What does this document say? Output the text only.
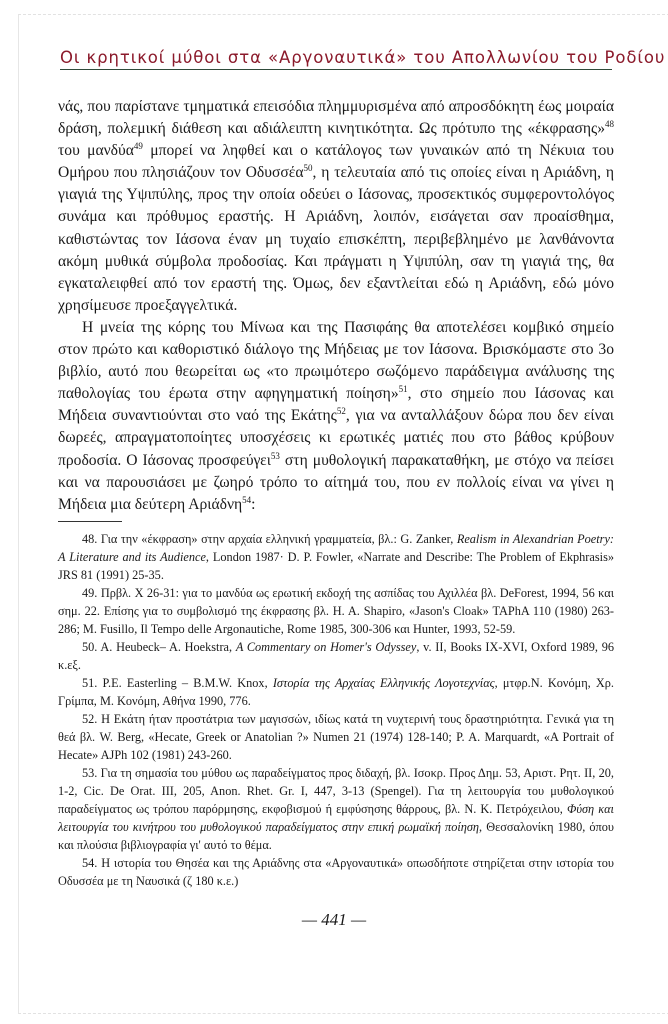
Οι κρητικοί μύθοι στα «Αργοναυτικά» του Απολλωνίου του Ροδίου

νάς, που παρίστανε τμηματικά επεισόδια πλημμυρισμένα από απροσδόκητη έως μοιραία δράση, πολεμική διάθεση και αδιάλειπτη κινητικότητα. Ως πρότυπο της «έκφρασης»$^{48}$ του μανδύα$^{49}$ μπορεί να ληφθεί και ο κατάλογος των γυναικών από τη Νέκυια του Ομήρου που πλησιάζουν τον Οδυσσέα$^{50}$, η τελευταία από τις οποίες είναι η Αριάδνη, η γιαγιά της Υψιπύλης, προς την οποία οδεύει ο Ιάσονας, προσεκτικός συμφεροντολόγος συνάμα και πρόθυμος εραστής. Η Αριάδνη, λοιπόν, εισάγεται σαν προαίσθημα, καθιστώντας τον Ιάσονα έναν μη τυχαίο επισκέπτη, περιβεβλημένο με λανθάνοντα ακόμη μυθικά σύμβολα προδοσίας. Και πράγματι η Υψιπύλη, σαν τη γιαγιά της, θα εγκαταλειφθεί από τον εραστή της. Όμως, δεν εξαντλείται εδώ η Αριάδνη, εδώ μόνο χρησίμευσε προεξαγγελτικά.

Η μνεία της κόρης του Μίνωα και της Πασιφάης θα αποτελέσει κομβικό σημείο στον πρώτο και καθοριστικό διάλογο της Μήδειας με τον Ιάσονα. Βρισκόμαστε στο 3ο βιβλίο, αυτό που θεωρείται ως «το πρωιμότερο σωζόμενο παράδειγμα ανάλυσης της παθολογίας του έρωτα στην αφηγηματική ποίηση»$^{51}$, στο σημείο που Ιάσονας και Μήδεια συναντιούνται στο ναό της Εκάτης$^{52}$, για να ανταλλάξουν δώρα που δεν είναι δωρεές, απραγματοποίητες υποσχέσεις κι ερωτικές ματιές που στο βάθος κρύβουν προδοσία. Ο Ιάσονας προσφεύγει$^{53}$ στη μυθολογική παρακαταθήκη, με στόχο να πείσει και να παρουσιάσει με ζωηρό τρόπο το αίτημά του, που εν πολλοίς είναι να γίνει η Μήδεια μια δεύτερη Αριάδνη$^{54}$:

48. Για την «έκφραση» στην αρχαία ελληνική γραμματεία, βλ.: G. Zanker, Realism in Alexandrian Poetry: A Literature and its Audience, London 1987· D. P. Fowler, «Narrate and Describe: The Problem of Ekphrasis» JRS 81 (1991) 25-35.

49. Πρβλ. Χ 26-31: για το μανδύα ως ερωτική εκδοχή της ασπίδας του Αχιλλέα βλ. DeForest, 1994, 56 και σημ. 22. Επίσης για το συμβολισμό της έκφρασης βλ. H. A. Shapiro, «Jason's Cloak» TAPhA 110 (1980) 263-286; M. Fusillo, Il Tempo delle Argonautiche, Rome 1985, 300-306 και Hunter, 1993, 52-59.

50. A. Heubeck– A. Hoekstra, A Commentary on Homer's Odyssey, v. II, Books IX-XVI, Oxford 1989, 96 κ.εξ.

51. P.E. Easterling – B.M.W. Knox, Ιστορία της Αρχαίας Ελληνικής Λογοτεχνίας, μτφρ.Ν. Κονόμη, Χρ. Γρίμπα, Μ. Κονόμη, Αθήνα 1990, 776.

52. Η Εκάτη ήταν προστάτρια των μαγισσών, ιδίως κατά τη νυχτερινή τους δραστηριότητα. Γενικά για τη θεά βλ. W. Berg, «Hecate, Greek or Anatolian ?» Numen 21 (1974) 128-140; P. A. Marquardt, «A Portrait of Hecate» AJPh 102 (1981) 243-260.

53. Για τη σημασία του μύθου ως παραδείγματος προς διδαχή, βλ. Ισοκρ. Προς Δημ. 53, Αριστ. Ρητ. II, 20, 1-2, Cic. De Orat. III, 205, Anon. Rhet. Gr. I, 447, 3-13 (Spengel). Για τη λειτουργία του μυθολογικού παραδείγματος ως τρόπου παρόρμησης, εκφοβισμού ή εμφύσησης θάρρους, βλ. Ν. Κ. Πετρόχειλου, Φύση και λειτουργία του κινήτρου του μυθολογικού παραδείγματος στην επική ρωμαϊκή ποίηση, Θεσσαλονίκη 1980, όπου και πλούσια βιβλιογραφία γι' αυτό το θέμα.

54. Η ιστορία του Θησέα και της Αριάδνης στα «Αργοναυτικά» οπωσδήποτε στηρίζεται στην ιστορία του Οδυσσέα με τη Ναυσικά (ζ 180 κ.ε.)

— 441 —
